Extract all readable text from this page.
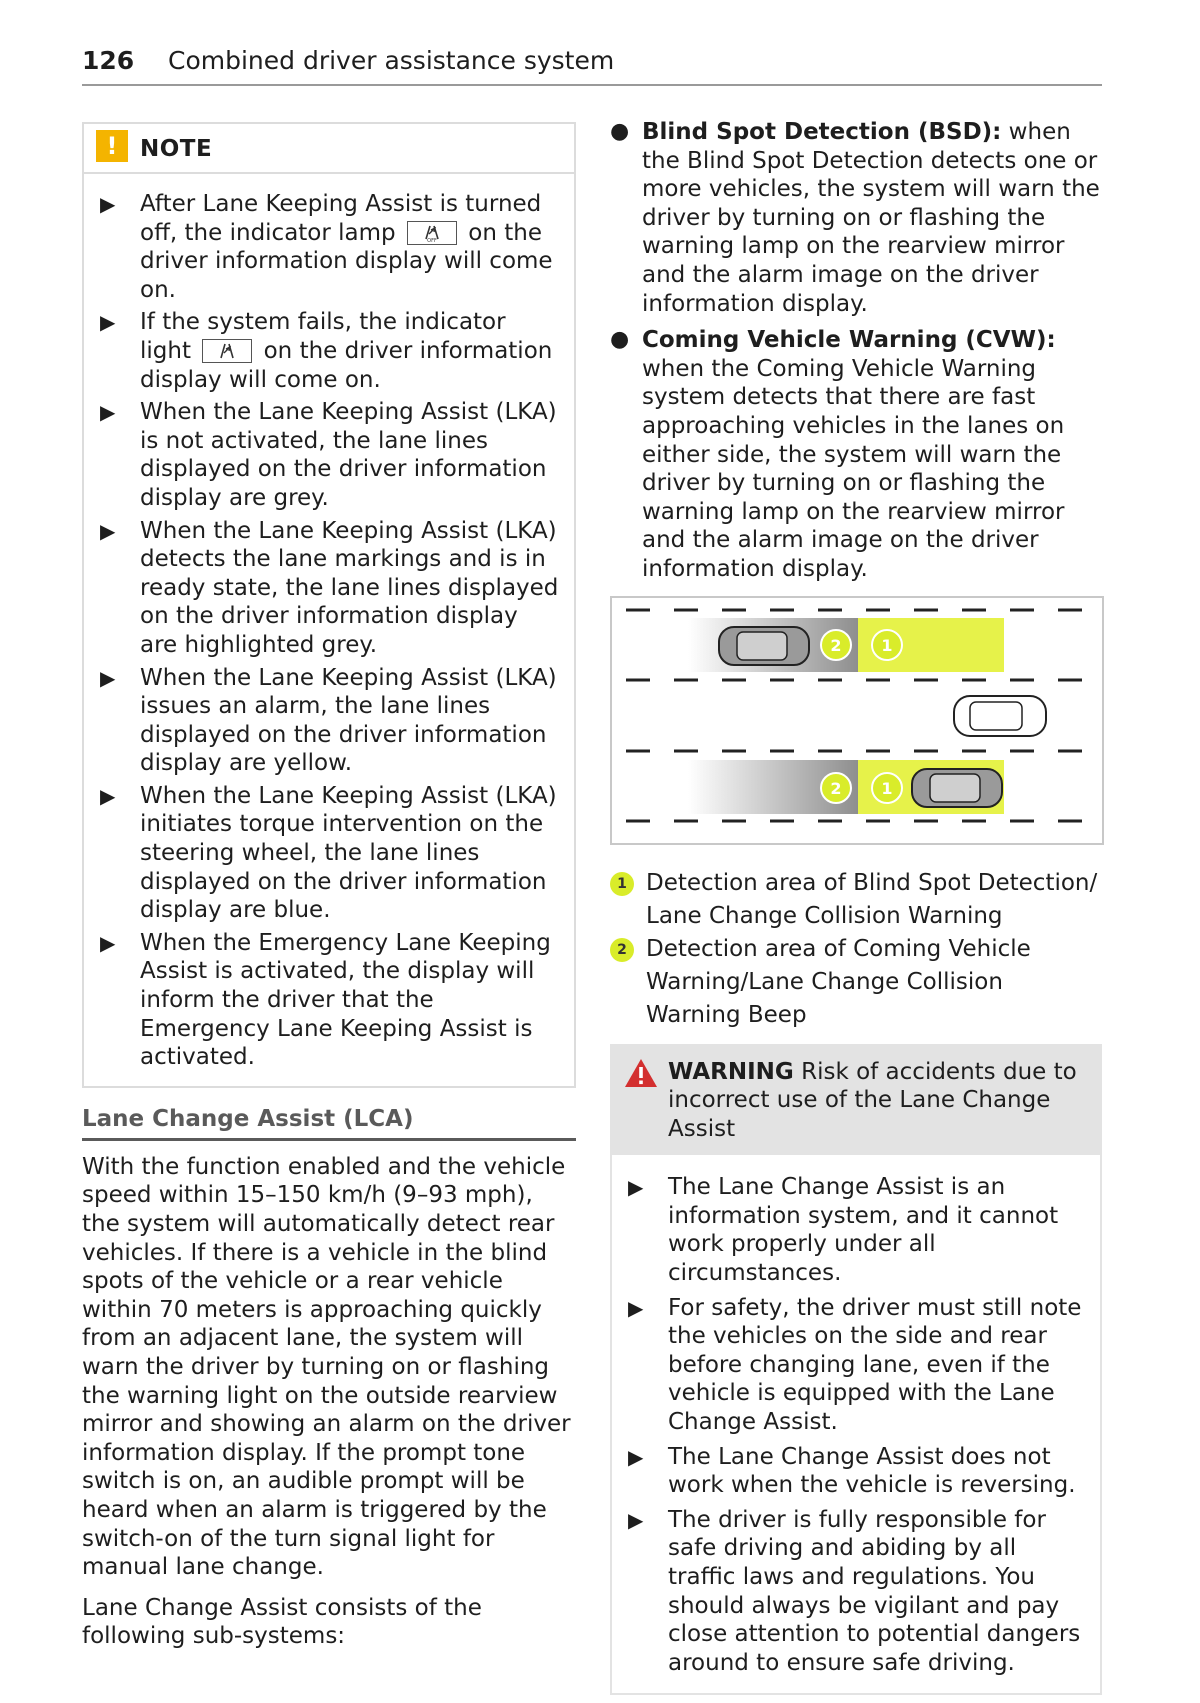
126 Combined driver assistance system
! NOTE
▶ After Lane Keeping Assist is turned off, the indicator lamp	OFF on the driver information display will come on.
▶ If the system fails, the indicator light	on the driver information display will come on.
▶ When the Lane Keeping Assist (LKA) is not activated, the lane lines displayed on the driver information display are grey.
▶ When the Lane Keeping Assist (LKA) detects the lane markings and is in ready state, the lane lines displayed on the driver information display are highlighted grey.
▶ When the Lane Keeping Assist (LKA) issues an alarm, the lane lines displayed on the driver information display are yellow.
▶ When the Lane Keeping Assist (LKA) initiates torque intervention on the steering wheel, the lane lines displayed on the driver information display are blue.
▶ When the Emergency Lane Keeping Assist is activated, the display will inform the driver that the Emergency Lane Keeping Assist is activated.
Lane Change Assist (LCA)

With the function enabled and the vehicle speed within 15–150 km/h (9–93 mph), the system will automatically detect rear vehicles. If there is a vehicle in the blind spots of the vehicle or a rear vehicle within 70 meters is approaching quickly from an adjacent lane, the system will warn the driver by turning on or flashing the warning light on the outside rearview mirror and showing an alarm on the driver information display. If the prompt tone switch is on, an audible prompt will be heard when an alarm is triggered by the switch-on of the turn signal light for manual lane change.

Lane Change Assist consists of the following sub-systems:

● Blind Spot Detection (BSD): when the Blind Spot Detection detects one or more vehicles, the system will warn the driver by turning on or flashing the warning lamp on the rearview mirror and the alarm image on the driver information display.
● Coming Vehicle Warning (CVW): when the Coming Vehicle Warning system detects that there are fast approaching vehicles in the lanes on either side, the system will warn the driver by turning on or flashing the warning lamp on the rearview mirror and the alarm image on the driver information display.
2 1
2 1
1 Detection area of Blind Spot Detection/ Lane Change Collision Warning
2 Detection area of Coming Vehicle Warning/Lane Change Collision Warning Beep
WARNING Risk of accidents due to incorrect use of the Lane Change Assist
▶ The Lane Change Assist is an information system, and it cannot work properly under all circumstances.
▶ For safety, the driver must still note the vehicles on the side and rear before changing lane, even if the vehicle is equipped with the Lane Change Assist.
▶ The Lane Change Assist does not work when the vehicle is reversing.
▶ The driver is fully responsible for safe driving and abiding by all traffic laws and regulations. You should always be vigilant and pay close attention to potential dangers around to ensure safe driving.
